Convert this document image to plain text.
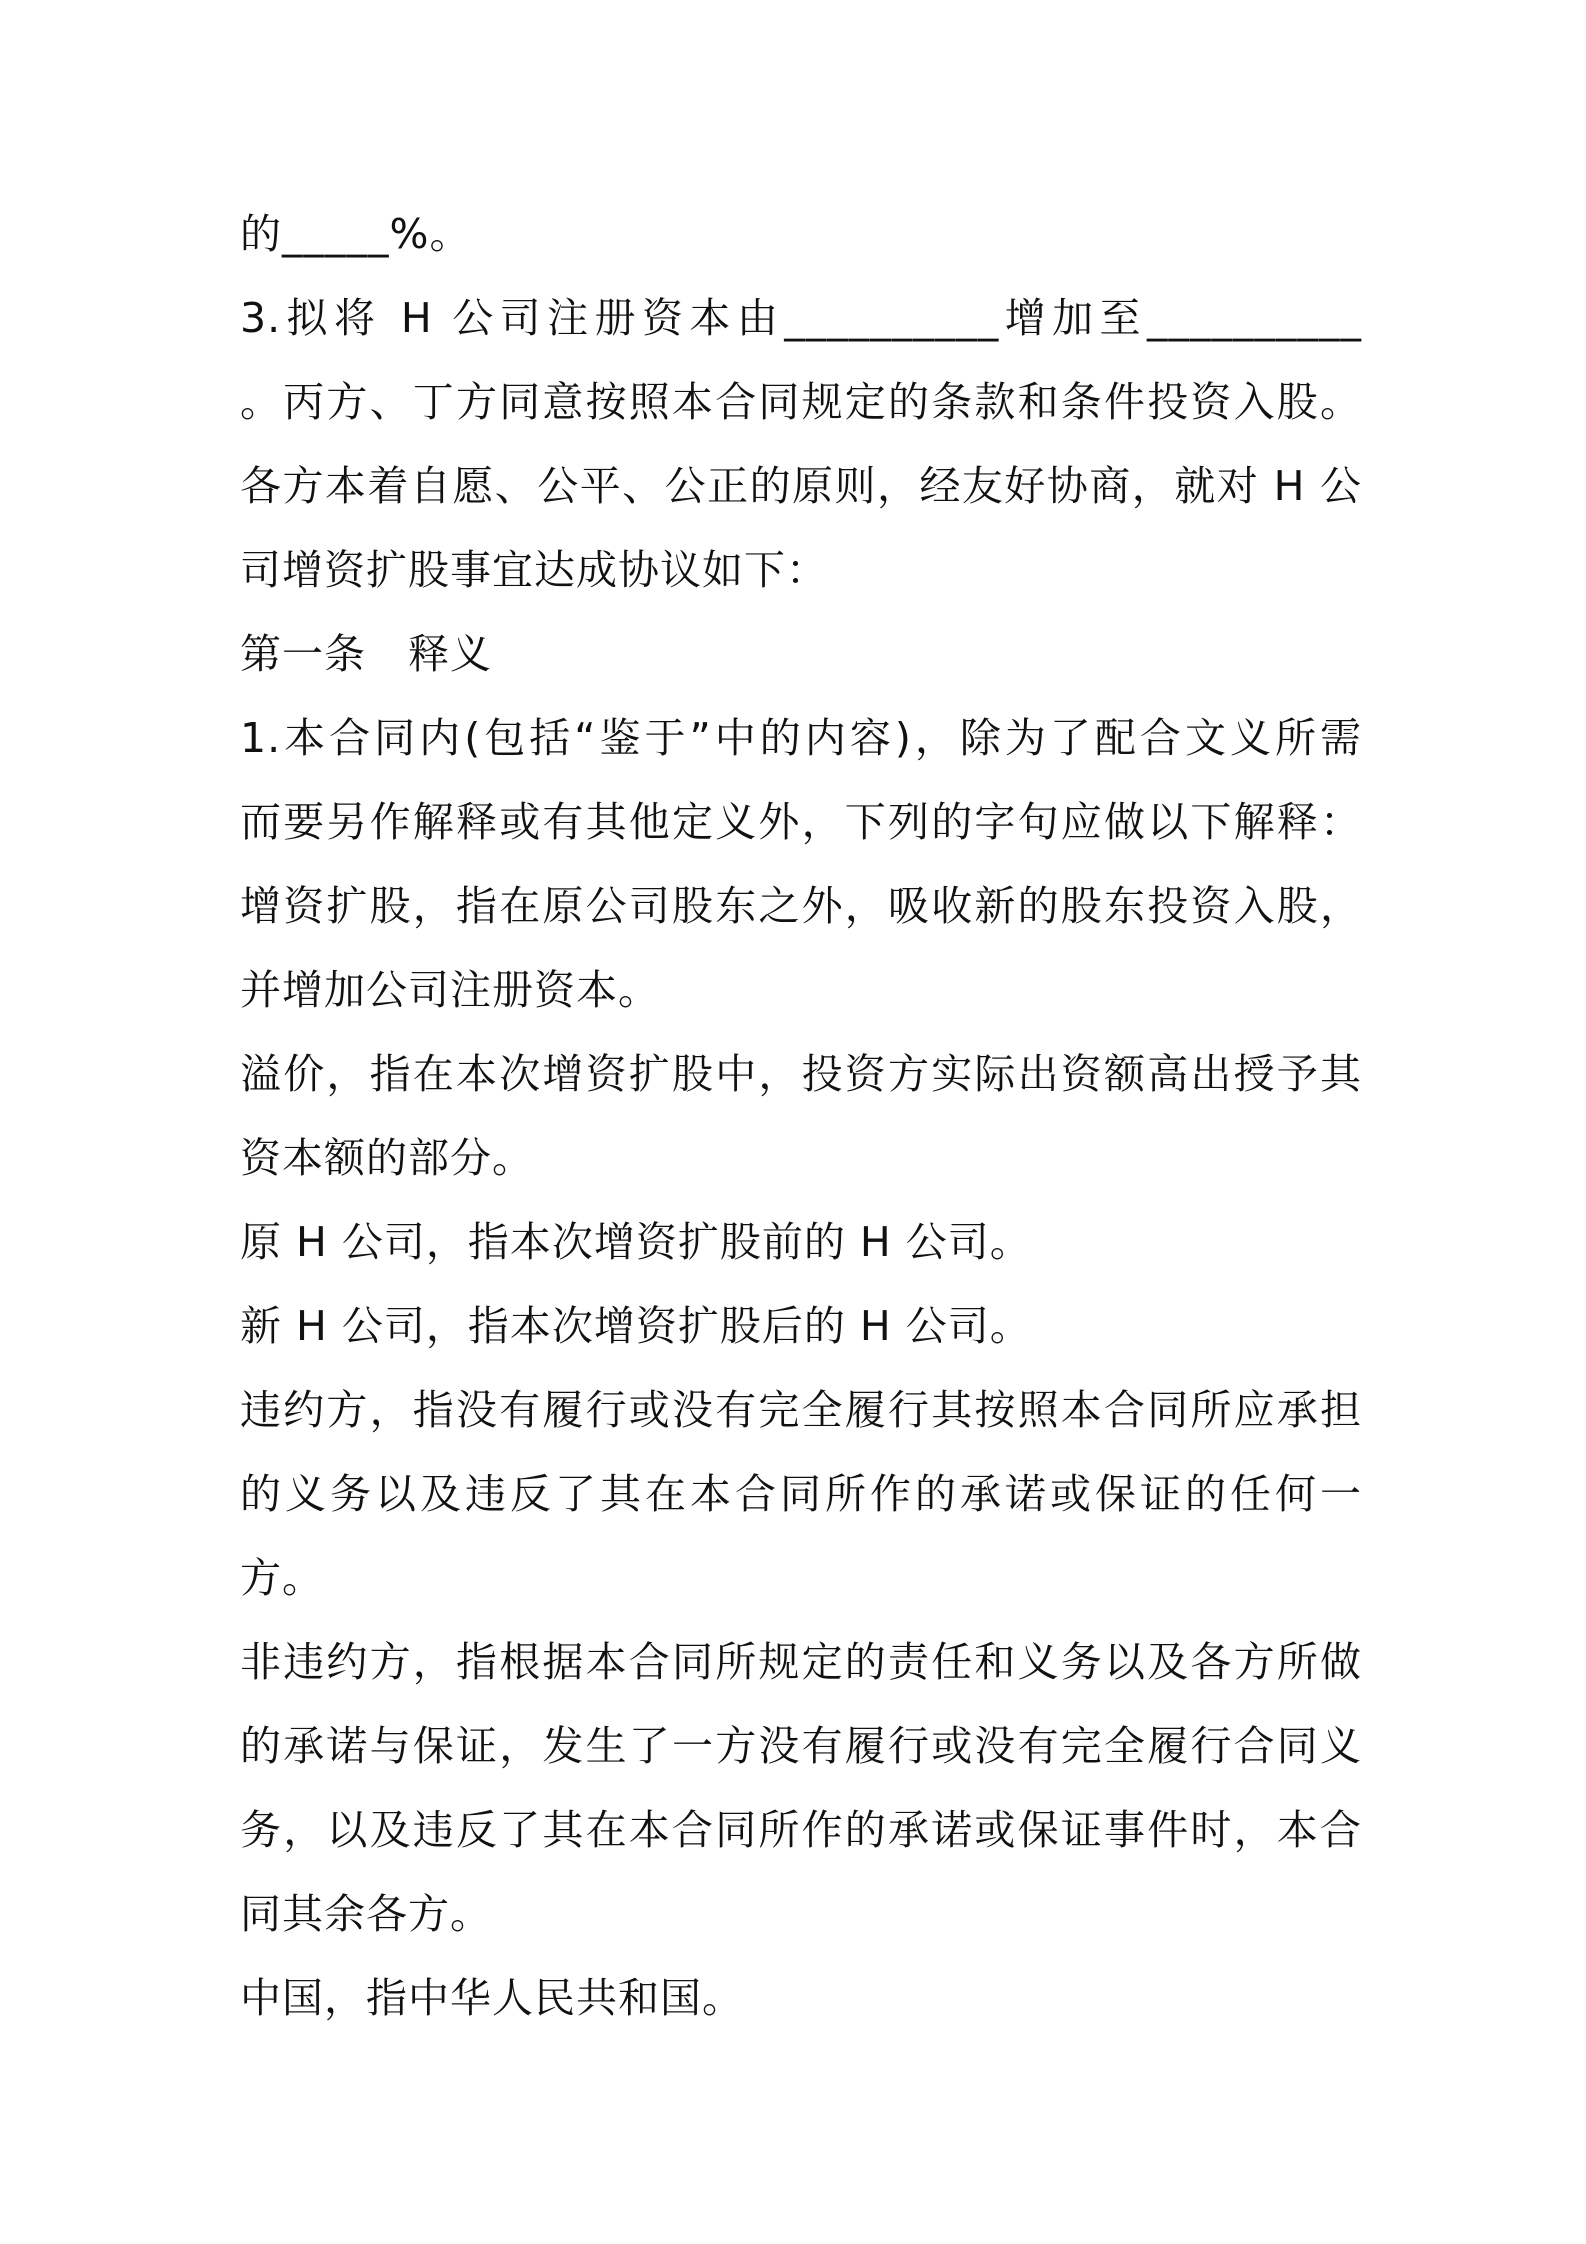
的_____%。
3.拟将 H 公司注册资本由__________增加至__________
。丙方、丁方同意按照本合同规定的条款和条件投资入股。
各方本着自愿、公平、公正的原则，经友好协商，就对 H 公
司增资扩股事宜达成协议如下：
第一条　释义
1.本合同内(包括“鉴于”中的内容)，除为了配合文义所需
而要另作解释或有其他定义外，下列的字句应做以下解释：
增资扩股，指在原公司股东之外，吸收新的股东投资入股，
并增加公司注册资本。
溢价，指在本次增资扩股中，投资方实际出资额高出授予其
资本额的部分。
原 H 公司，指本次增资扩股前的 H 公司。
新 H 公司，指本次增资扩股后的 H 公司。
违约方，指没有履行或没有完全履行其按照本合同所应承担
的义务以及违反了其在本合同所作的承诺或保证的任何一
方。
非违约方，指根据本合同所规定的责任和义务以及各方所做
的承诺与保证，发生了一方没有履行或没有完全履行合同义
务，以及违反了其在本合同所作的承诺或保证事件时，本合
同其余各方。
中国，指中华人民共和国。
